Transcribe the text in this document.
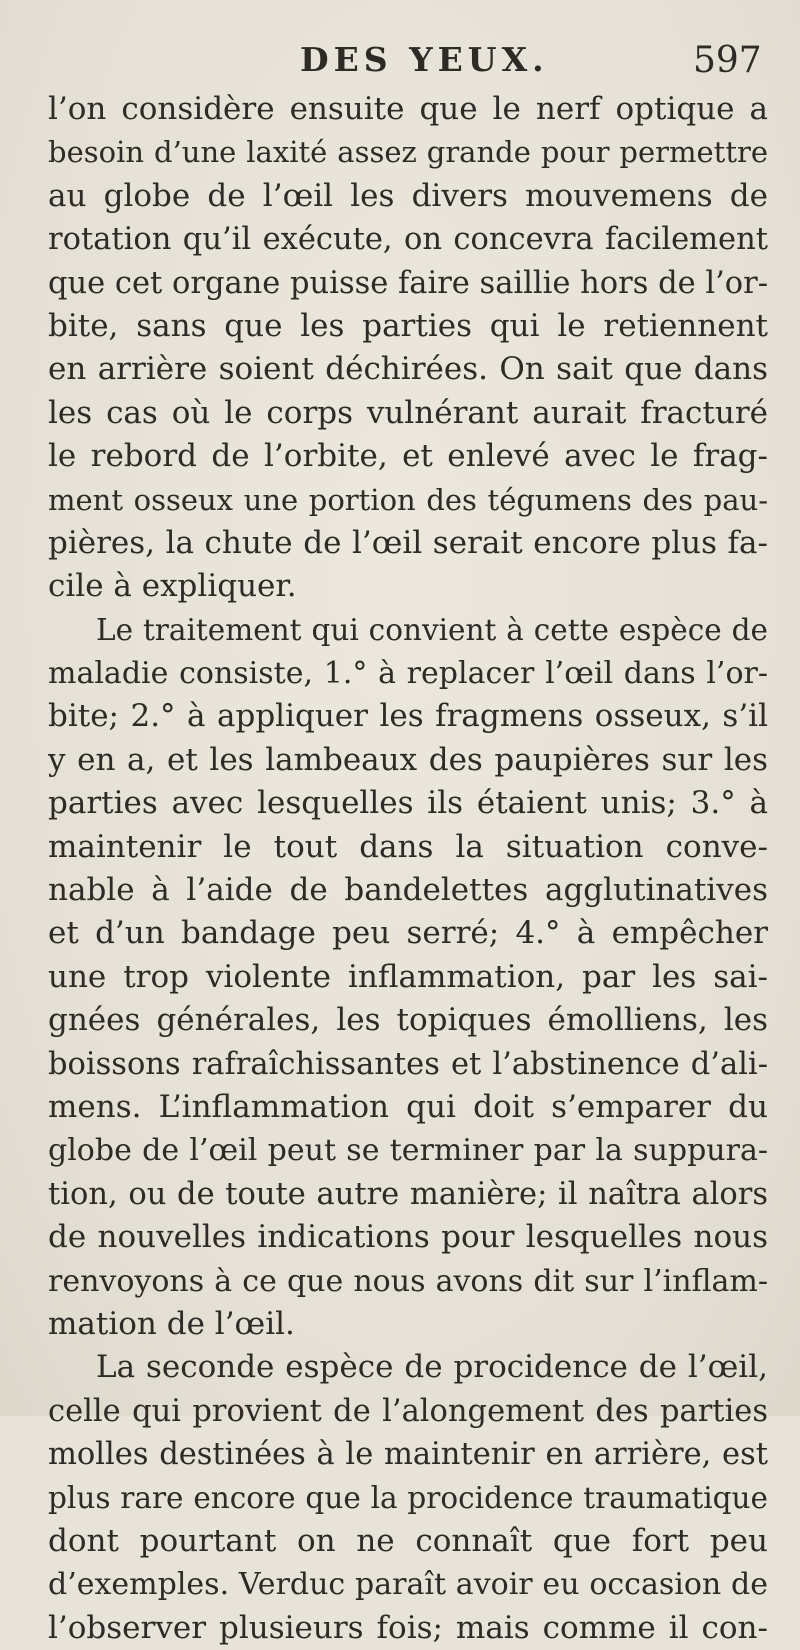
DES YEUX.	597
l’on considère ensuite que le nerf optique a
besoin d’une laxité assez grande pour permettre
au globe de l’œil les divers mouvemens de
rotation qu’il exécute, on concevra facilement
que cet organe puisse faire saillie hors de l’or-
bite, sans que les parties qui le retiennent
en arrière soient déchirées. On sait que dans
les cas où le corps vulnérant aurait fracturé
le rebord de l’orbite, et enlevé avec le frag-
ment osseux une portion des tégumens des pau-
pières, la chute de l’œil serait encore plus fa-
cile à expliquer.
Le traitement qui convient à cette espèce de
maladie consiste, 1.° à replacer l’œil dans l’or-
bite; 2.° à appliquer les fragmens osseux, s’il
y en a, et les lambeaux des paupières sur les
parties avec lesquelles ils étaient unis; 3.° à
maintenir le tout dans la situation conve-
nable à l’aide de bandelettes agglutinatives
et d’un bandage peu serré; 4.° à empêcher
une trop violente inflammation, par les sai-
gnées générales, les topiques émolliens, les
boissons rafraîchissantes et l’abstinence d’ali-
mens. L’inflammation qui doit s’emparer du
globe de l’œil peut se terminer par la suppura-
tion, ou de toute autre manière; il naîtra alors
de nouvelles indications pour lesquelles nous
renvoyons à ce que nous avons dit sur l’inflam-
mation de l’œil.
La seconde espèce de procidence de l’œil,
celle qui provient de l’alongement des parties
molles destinées à le maintenir en arrière, est
plus rare encore que la procidence traumatique
dont pourtant on ne connaît que fort peu
d’exemples. Verduc paraît avoir eu occasion de
l’observer plusieurs fois; mais comme il con-
